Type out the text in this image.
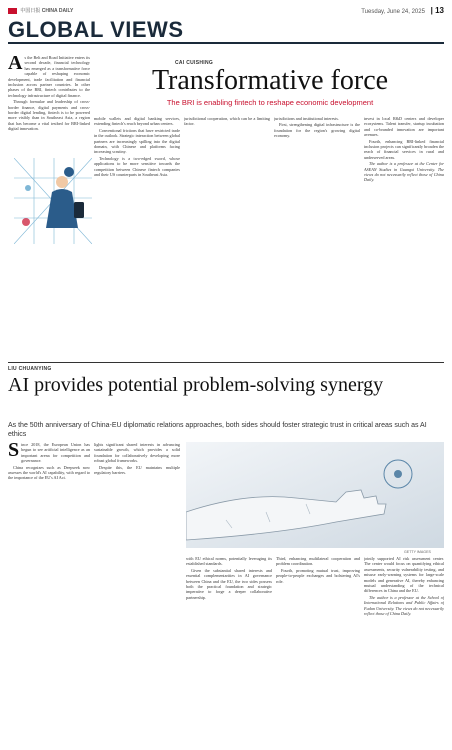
中国日报 CHINA DAILY	Tuesday, June 24, 2025 | 13
GLOBAL VIEWS
CAI CUISHING
Transformative force
The BRI is enabling fintech to reshape economic development
A s the Belt and Road Initiative enters its second decade, financial technology has emerged as a transformative force capable of reshaping economic development, trade facilitation and financial inclusion across partner countries. In other phases of the BRI, fintech contributes to the technology infrastructure of digital finance.

Through formulae and leadership of cross-border finance, digital payments and cross-border digital lending, fintech is to be powered more visibly than in Southeast Asia, a region that has become a vital testbed for BRI-linked digital innovation.

mobile wallets and digital banking services, extending fintech's reach beyond urban centers.

Conventional frictions that have restricted trade in the outlook. Strategic interaction between global partners are increasingly spilling into the digital domain, with Chinese and platforms facing increasing scrutiny.

Technology is a two-edged sword, whose applications to be more sensitive towards the competition between Chinese fintech companies and their US counterparts in Southeast Asia.

jurisdictional cooperation, which can be a limiting factor.

jurisdictions and institutional interests.

First, strengthening digital infrastructure is the foundation for the region's growing digital economy.

invest in local R&D centers and developer ecosystems. Talent transfer, startup incubation and co-branded innovation are important avenues.

Fourth, enhancing BRI-linked financial inclusion projects can significantly broaden the reach of financial services in rural and underserved areas.

The author is a professor at the Center for ASEAN Studies in Guangxi University. The views do not necessarily reflect those of China Daily.

LIU CHUANYING
AI provides potential problem-solving synergy
As the 50th anniversary of China-EU diplomatic relations approaches, both sides should foster strategic trust in critical areas such as AI ethics
S ince 2018, the European Union has begun to see artificial intelligence as an important arena for competition and governance.

China recognizes such as Deepseek now assesses the world's AI capability, with regard to the importance of the EU's AI Act.

lights significant shared interests in advancing sustainable growth, which provides a solid foundation for collaboratively developing more robust global frameworks.

Despite this, the EU maintains multiple regulatory barriers.

GETTY IMAGES

with EU ethical norms, potentially leveraging its established standards.

Given the substantial shared interests and essential complementarities in AI governance between China and the EU, the two sides possess both the practical foundation and strategic imperative to forge a deeper collaborative partnership.

Third, enhancing multilateral cooperation and problem coordination.

Fourth, promoting mutual trust, improving people-to-people exchanges and bolstering AI's role.

jointly supported AI risk assessment center. The center would focus on quantifying ethical assessments, security vulnerability testing, and misuse early-warning systems for large-scale models and generative AI, thereby enhancing mutual understanding of the technical differences in China and the EU.

The author is a professor at the School of International Relations and Public Affairs of Fudan University. The views do not necessarily reflect those of China Daily.
